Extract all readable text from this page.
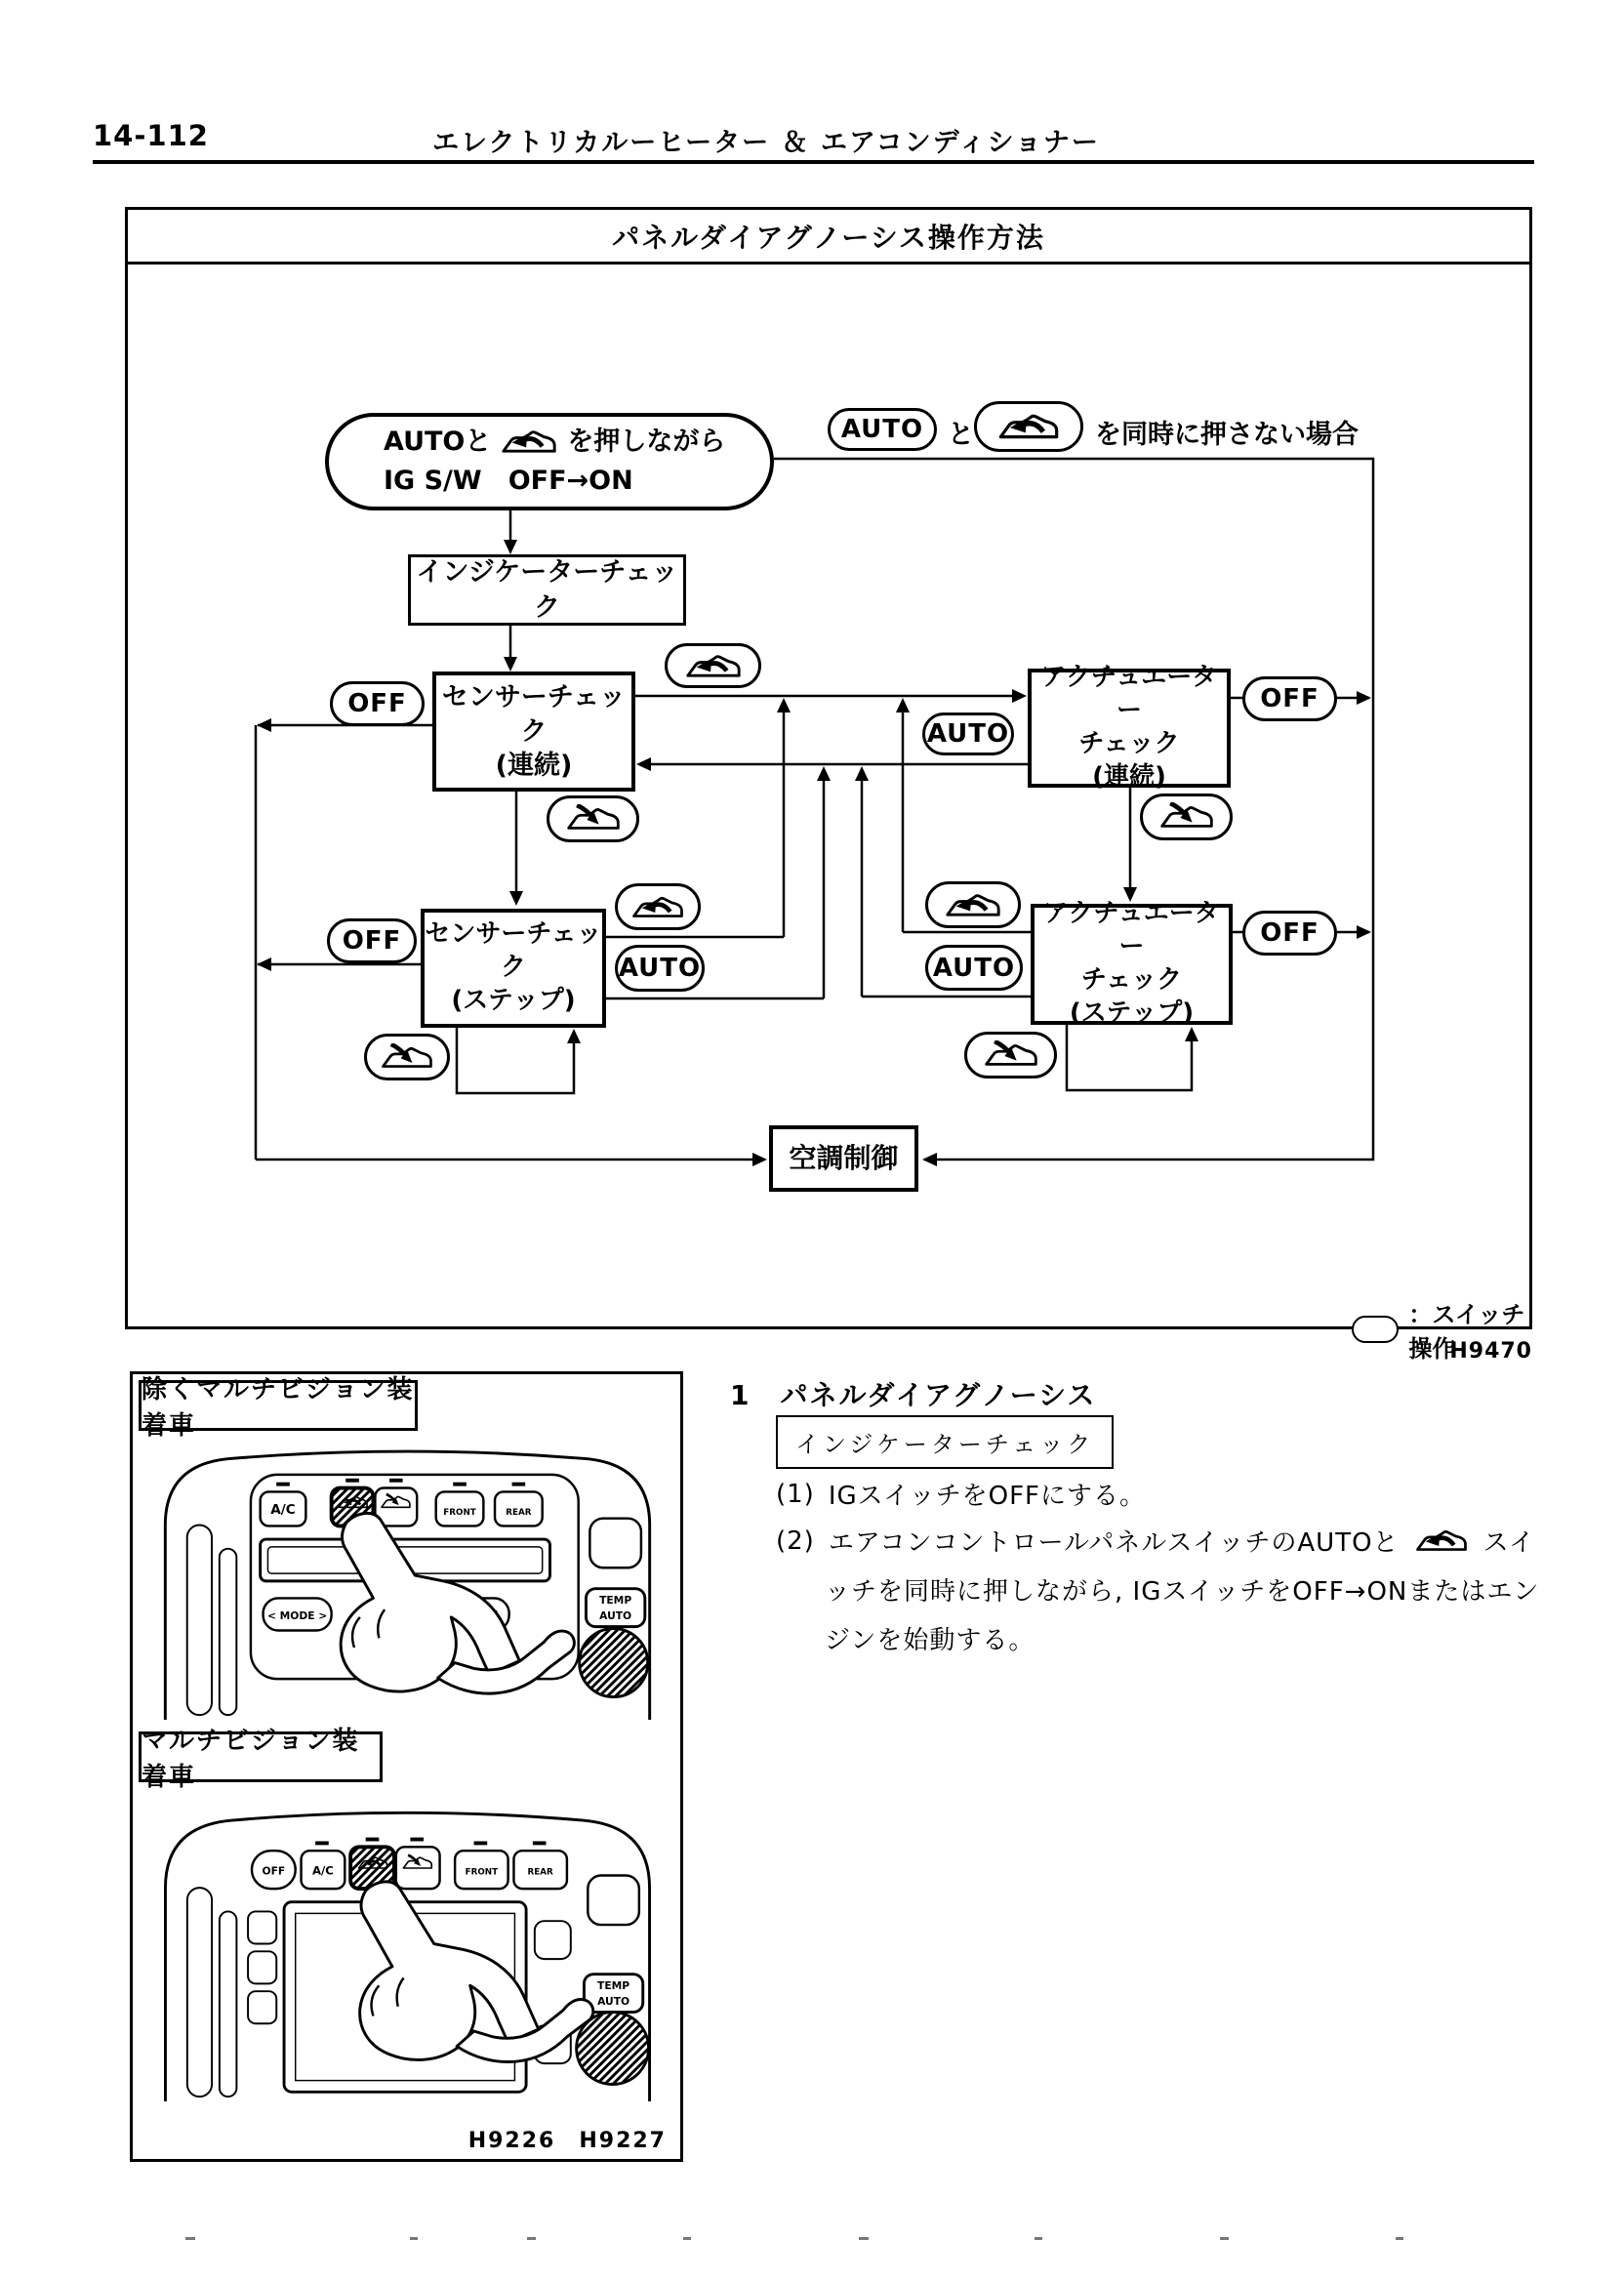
14-112	エレクトリカルーヒーター ＆ エアコンディショナー
パネルダイアグノーシス操作方法
AUTOと	を押しながら
IG S/W　OFF→ON
AUTO と	を同時に押さない場合
インジケーターチェック
センサーチェック
(連続)
アクチュエーター
チェック
(連続)
センサーチェック
(ステップ)
アクチュエーター
チェック
(ステップ)
空調制御
OFF	OFF
OFF	OFF
AUTO
AUTO	AUTO
：スイッチ操作
H9470
除くマルチビジョン装着車
A/C	FRONT	REAR
< MODE >
TEMP
AUTO
マルチビジョン装着車
OFF A/C	FRONT	REAR
TEMP
AUTO
H9226　H9227
1 パネルダイアグノーシス
インジケーターチェック
(1) IGスイッチをOFFにする。
(2) エアコンコントロールパネルスイッチのAUTOと	スイ
ッチを同時に押しながら, IGスイッチをOFF→ONまたはエン
ジンを始動する。
